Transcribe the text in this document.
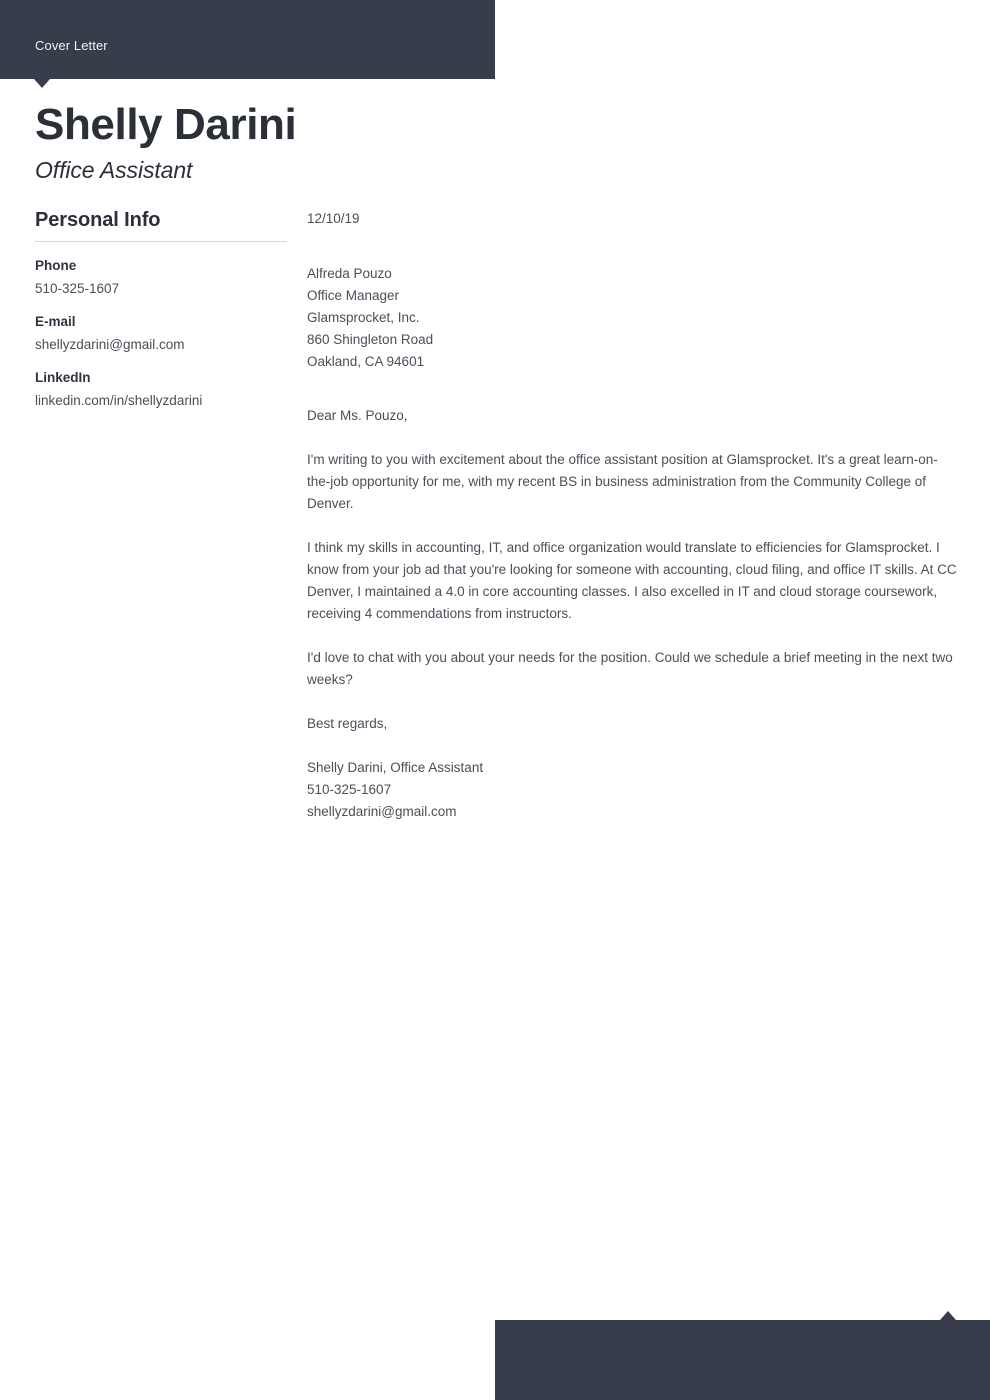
Cover Letter
Shelly Darini
Office Assistant
Personal Info
Phone
510-325-1607
E-mail
shellyzdarini@gmail.com
LinkedIn
linkedin.com/in/shellyzdarini
12/10/19
Alfreda Pouzo
Office Manager
Glamsprocket, Inc.
860 Shingleton Road
Oakland, CA 94601
Dear Ms. Pouzo,

I'm writing to you with excitement about the office assistant position at Glamsprocket. It's a great learn-on-the-job opportunity for me, with my recent BS in business administration from the Community College of Denver.

I think my skills in accounting, IT, and office organization would translate to efficiencies for Glamsprocket. I know from your job ad that you're looking for someone with accounting, cloud filing, and office IT skills. At CC Denver, I maintained a 4.0 in core accounting classes. I also excelled in IT and cloud storage coursework, receiving 4 commendations from instructors.

I'd love to chat with you about your needs for the position. Could we schedule a brief meeting in the next two weeks?

Best regards,
Shelly Darini, Office Assistant
510-325-1607
shellyzdarini@gmail.com
